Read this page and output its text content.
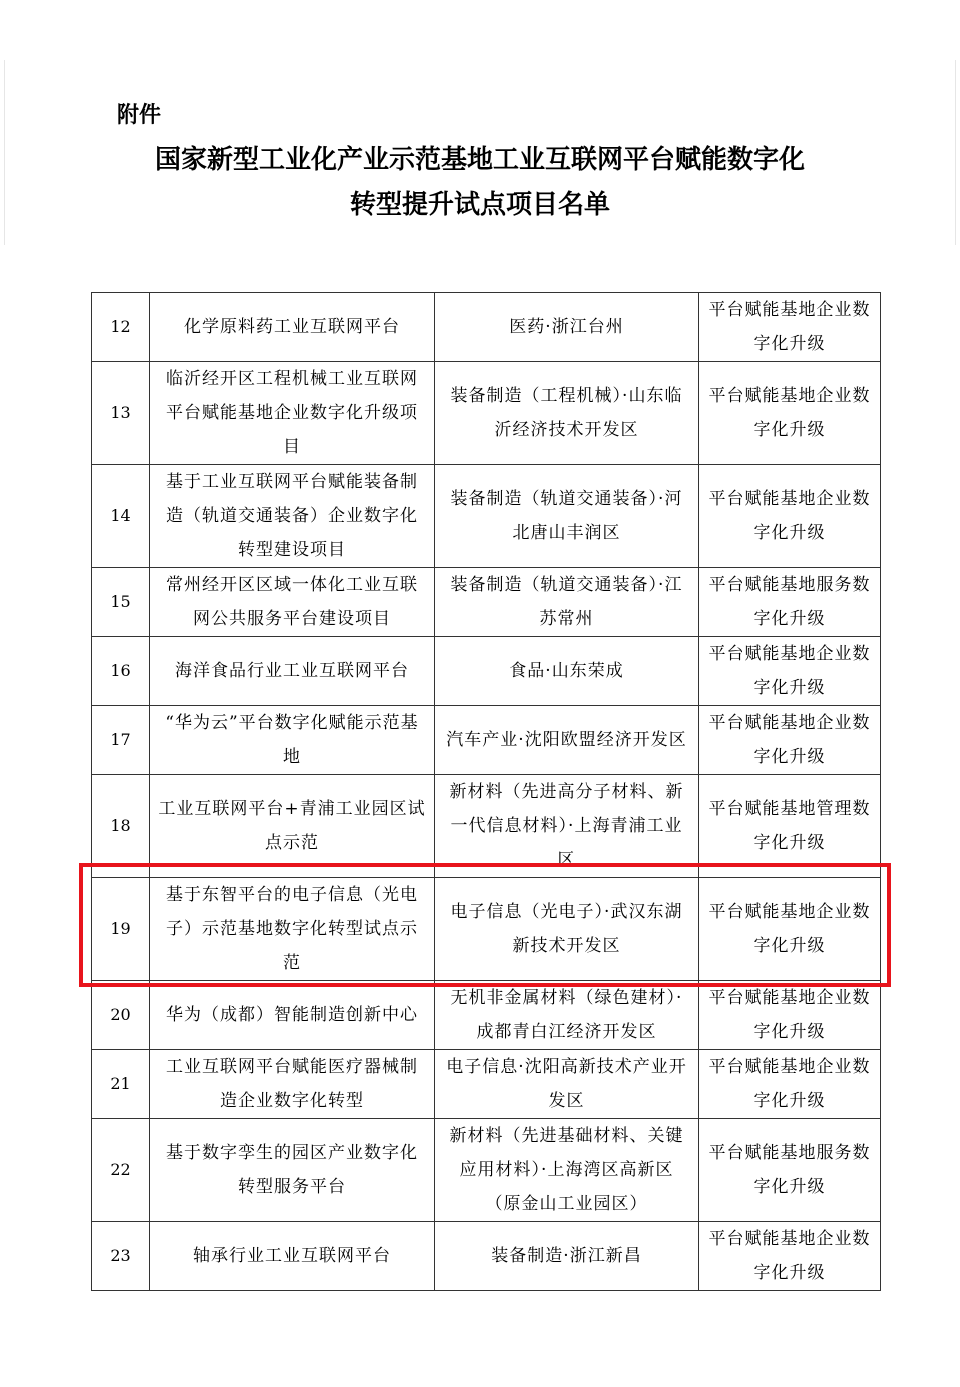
附件
国家新型工业化产业示范基地工业互联网平台赋能数字化
转型提升试点项目名单
12	化学原料药工业互联网平台	医药·浙江台州	平台赋能基地企业数字化升级
13	临沂经开区工程机械工业互联网平台赋能基地企业数字化升级项目	装备制造（工程机械）·山东临沂经济技术开发区	平台赋能基地企业数字化升级
14	基于工业互联网平台赋能装备制造（轨道交通装备）企业数字化转型建设项目	装备制造（轨道交通装备）·河北唐山丰润区	平台赋能基地企业数字化升级
15	常州经开区区域一体化工业互联网公共服务平台建设项目	装备制造（轨道交通装备）·江苏常州	平台赋能基地服务数字化升级
16	海洋食品行业工业互联网平台	食品·山东荣成	平台赋能基地企业数字化升级
17	“华为云”平台数字化赋能示范基地	汽车产业·沈阳欧盟经济开发区	平台赋能基地企业数字化升级
18	工业互联网平台+青浦工业园区试点示范	新材料（先进高分子材料、新一代信息材料）·上海青浦工业区	平台赋能基地管理数字化升级
19	基于东智平台的电子信息（光电子）示范基地数字化转型试点示范	电子信息（光电子）·武汉东湖新技术开发区	平台赋能基地企业数字化升级
20	华为（成都）智能制造创新中心	无机非金属材料（绿色建材）·成都青白江经济开发区	平台赋能基地企业数字化升级
21	工业互联网平台赋能医疗器械制造企业数字化转型	电子信息·沈阳高新技术产业开发区	平台赋能基地企业数字化升级
22	基于数字孪生的园区产业数字化转型服务平台	新材料（先进基础材料、关键应用材料）·上海湾区高新区（原金山工业园区）	平台赋能基地服务数字化升级
23	轴承行业工业互联网平台	装备制造·浙江新昌	平台赋能基地企业数字化升级
